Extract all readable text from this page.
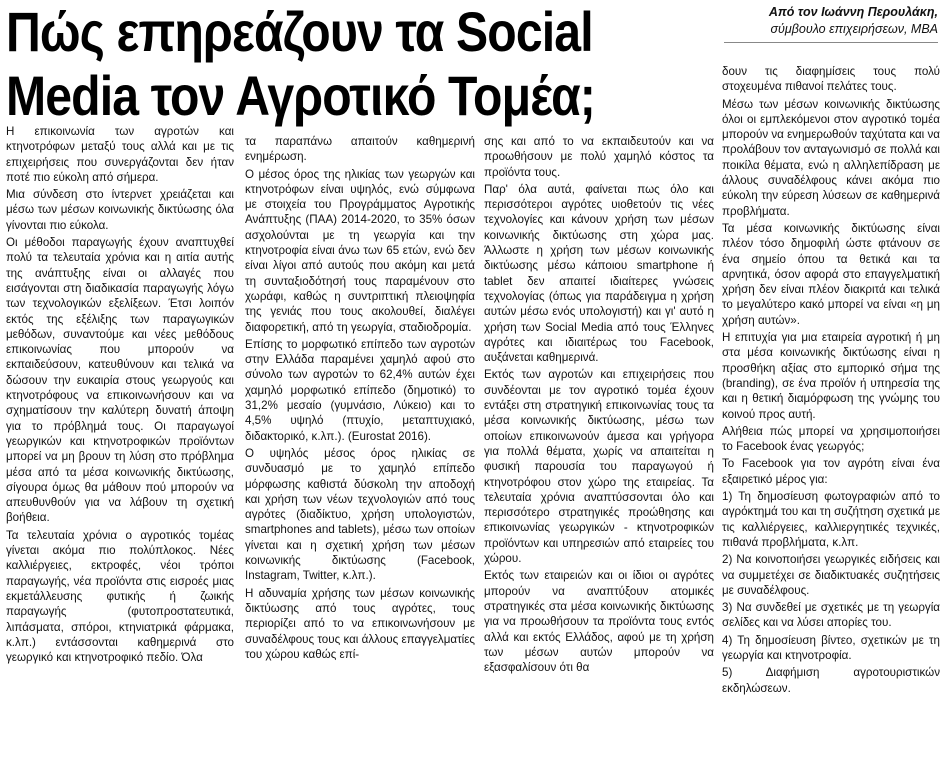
Πώς επηρεάζουν τα Social
Media τον Αγροτικό Τομέα;
Από τον Ιωάννη Περουλάκη,
σύμβουλο επιχειρήσεων, MBA

Η επικοινωνία των αγροτών και κτηνοτρόφων μεταξύ τους αλλά και με τις επιχειρήσεις που συνεργάζονται δεν ήταν ποτέ πιο εύκολη από σήμερα.

Μια σύνδεση στο ίντερνετ χρειάζεται και μέσω των μέσων κοινωνικής δικτύωσης όλα γίνονται πιο εύκολα.

Οι μέθοδοι παραγωγής έχουν αναπτυχθεί πολύ τα τελευταία χρόνια και η αιτία αυτής της ανάπτυξης είναι οι αλλαγές που εισάγονται στη διαδικασία παραγωγής λόγω των τεχνολογικών εξελίξεων. Έτσι λοιπόν εκτός της εξέλιξης των παραγωγικών μεθόδων, συναντούμε και νέες μεθόδους επικοινωνίας που μπορούν να εκπαιδεύσουν, κατευθύνουν και τελικά να δώσουν την ευκαιρία στους γεωργούς και κτηνοτρόφους να επικοινωνήσουν και να σχηματίσουν την καλύτερη δυνατή άποψη για το πρόβλημά τους. Οι παραγωγοί γεωργικών και κτηνοτροφικών προϊόντων μπορεί να μη βρουν τη λύση στο πρόβλημα μέσα από τα μέσα κοινωνικής δικτύωσης, σίγουρα όμως θα μάθουν πού μπορούν να απευθυνθούν για να λάβουν τη σχετική βοήθεια.

Τα τελευταία χρόνια ο αγροτικός τομέας γίνεται ακόμα πιο πολύπλοκος. Νέες καλλιέργειες, εκτροφές, νέοι τρόποι παραγωγής, νέα προϊόντα στις εισροές μιας εκμετάλλευσης φυτικής ή ζωικής παραγωγής (φυτοπροστατευτικά, λιπάσματα, σπόροι, κτηνιατρικά φάρμακα, κ.λπ.) εντάσσονται καθημερινά στο γεωργικό και κτηνοτροφικό πεδίο. Όλα

τα παραπάνω απαιτούν καθημερινή ενημέρωση.

Ο μέσος όρος της ηλικίας των γεωργών και κτηνοτρόφων είναι υψηλός, ενώ σύμφωνα με στοιχεία του Προγράμματος Αγροτικής Ανάπτυξης (ΠΑΑ) 2014-2020, το 35% όσων ασχολούνται με τη γεωργία και την κτηνοτροφία είναι άνω των 65 ετών, ενώ δεν είναι λίγοι από αυτούς που ακόμη και μετά τη συνταξιοδότησή τους παραμένουν στο χωράφι, καθώς η συντριπτική πλειοψηφία της γενιάς που τους ακολουθεί, διαλέγει διαφορετική, από τη γεωργία, σταδιοδρομία.

Επίσης το μορφωτικό επίπεδο των αγροτών στην Ελλάδα παραμένει χαμηλό αφού στο σύνολο των αγροτών το 62,4% αυτών έχει χαμηλό μορφωτικό επίπεδο (δημοτικό) το 31,2% μεσαίο (γυμνάσιο, Λύκειο) και το 4,5% υψηλό (πτυχίο, μεταπτυχιακό, διδακτορικό, κ.λπ.). (Eurostat 2016).

Ο υψηλός μέσος όρος ηλικίας σε συνδυασμό με το χαμηλό επίπεδο μόρφωσης καθιστά δύσκολη την αποδοχή και χρήση των νέων τεχνολογιών από τους αγρότες (διαδίκτυο, χρήση υπολογιστών, smartphones and tablets), μέσω των οποίων γίνεται και η σχετική χρήση των μέσων κοινωνικής δικτύωσης (Facebook, Instagram, Twitter, κ.λπ.).

Η αδυναμία χρήσης των μέσων κοινωνικής δικτύωσης από τους αγρότες, τους περιορίζει από το να επικοινωνήσουν με συναδέλφους τους και άλλους επαγγελματίες του χώρου καθώς επί-

σης και από το να εκπαιδευτούν και να προωθήσουν με πολύ χαμηλό κόστος τα προϊόντα τους.

Παρ' όλα αυτά, φαίνεται πως όλο και περισσότεροι αγρότες υιοθετούν τις νέες τεχνολογίες και κάνουν χρήση των μέσων κοινωνικής δικτύωσης στη χώρα μας. Άλλωστε η χρήση των μέσων κοινωνικής δικτύωσης μέσω κάποιου smartphone ή tablet δεν απαιτεί ιδιαίτερες γνώσεις τεχνολογίας (όπως για παράδειγμα η χρήση αυτών μέσω ενός υπολογιστή) και γι' αυτό η χρήση των Social Media από τους Έλληνες αγρότες και ιδιαιτέρως του Facebook, αυξάνεται καθημερινά.

Εκτός των αγροτών και επιχειρήσεις που συνδέονται με τον αγροτικό τομέα έχουν εντάξει στη στρατηγική επικοινωνίας τους τα μέσα κοινωνικής δικτύωσης, μέσω των οποίων επικοινωνούν άμεσα και γρήγορα για πολλά θέματα, χωρίς να απαιτείται η φυσική παρουσία του παραγωγού ή κτηνοτρόφου στον χώρο της εταιρείας. Τα τελευταία χρόνια αναπτύσσονται όλο και περισσότερο στρατηγικές προώθησης και επικοινωνίας γεωργικών - κτηνοτροφικών προϊόντων και υπηρεσιών από εταιρείες του χώρου.

Εκτός των εταιρειών και οι ίδιοι οι αγρότες μπορούν να αναπτύξουν ατομικές στρατηγικές στα μέσα κοινωνικής δικτύωσης για να προωθήσουν τα προϊόντα τους εντός αλλά και εκτός Ελλάδος, αφού με τη χρήση των μέσων αυτών μπορούν να εξασφαλίσουν ότι θα

δουν τις διαφημίσεις τους πολύ στοχευμένα πιθανοί πελάτες τους.

Μέσω των μέσων κοινωνικής δικτύωσης όλοι οι εμπλεκόμενοι στον αγροτικό τομέα μπορούν να ενημερωθούν ταχύτατα και να προλάβουν τον ανταγωνισμό σε πολλά και ποικίλα θέματα, ενώ η αλληλεπίδραση με άλλους συναδέλφους κάνει ακόμα πιο εύκολη την εύρεση λύσεων σε καθημερινά προβλήματα.

Τα μέσα κοινωνικής δικτύωσης είναι πλέον τόσο δημοφιλή ώστε φτάνουν σε ένα σημείο όπου τα θετικά και τα αρνητικά, όσον αφορά στο επαγγελματική χρήση δεν είναι πλέον διακριτά και τελικά το μεγαλύτερο κακό μπορεί να είναι «η μη χρήση αυτών».

Η επιτυχία για μια εταιρεία αγροτική ή μη στα μέσα κοινωνικής δικτύωσης είναι η προσθήκη αξίας στο εμπορικό σήμα της (branding), σε ένα προϊόν ή υπηρεσία της και η θετική διαμόρφωση της γνώμης του κοινού προς αυτή.

Αλήθεια πώς μπορεί να χρησιμοποιήσει το Facebook ένας γεωργός;

Το Facebook για τον αγρότη είναι ένα εξαιρετικό μέρος για:

1) Τη δημοσίευση φωτογραφιών από το αγρόκτημά του και τη συζήτηση σχετικά με τις καλλιέργειες, καλλιεργητικές τεχνικές, πιθανά προβλήματα, κ.λπ.

2) Να κοινοποιήσει γεωργικές ειδήσεις και να συμμετέχει σε διαδικτυακές συζητήσεις με συναδέλφους.

3) Να συνδεθεί με σχετικές με τη γεωργία σελίδες και να λύσει απορίες του.

4) Τη δημοσίευση βίντεο, σχετικών με τη γεωργία και κτηνοτροφία.

5) Διαφήμιση αγροτουριστικών εκδηλώσεων.
